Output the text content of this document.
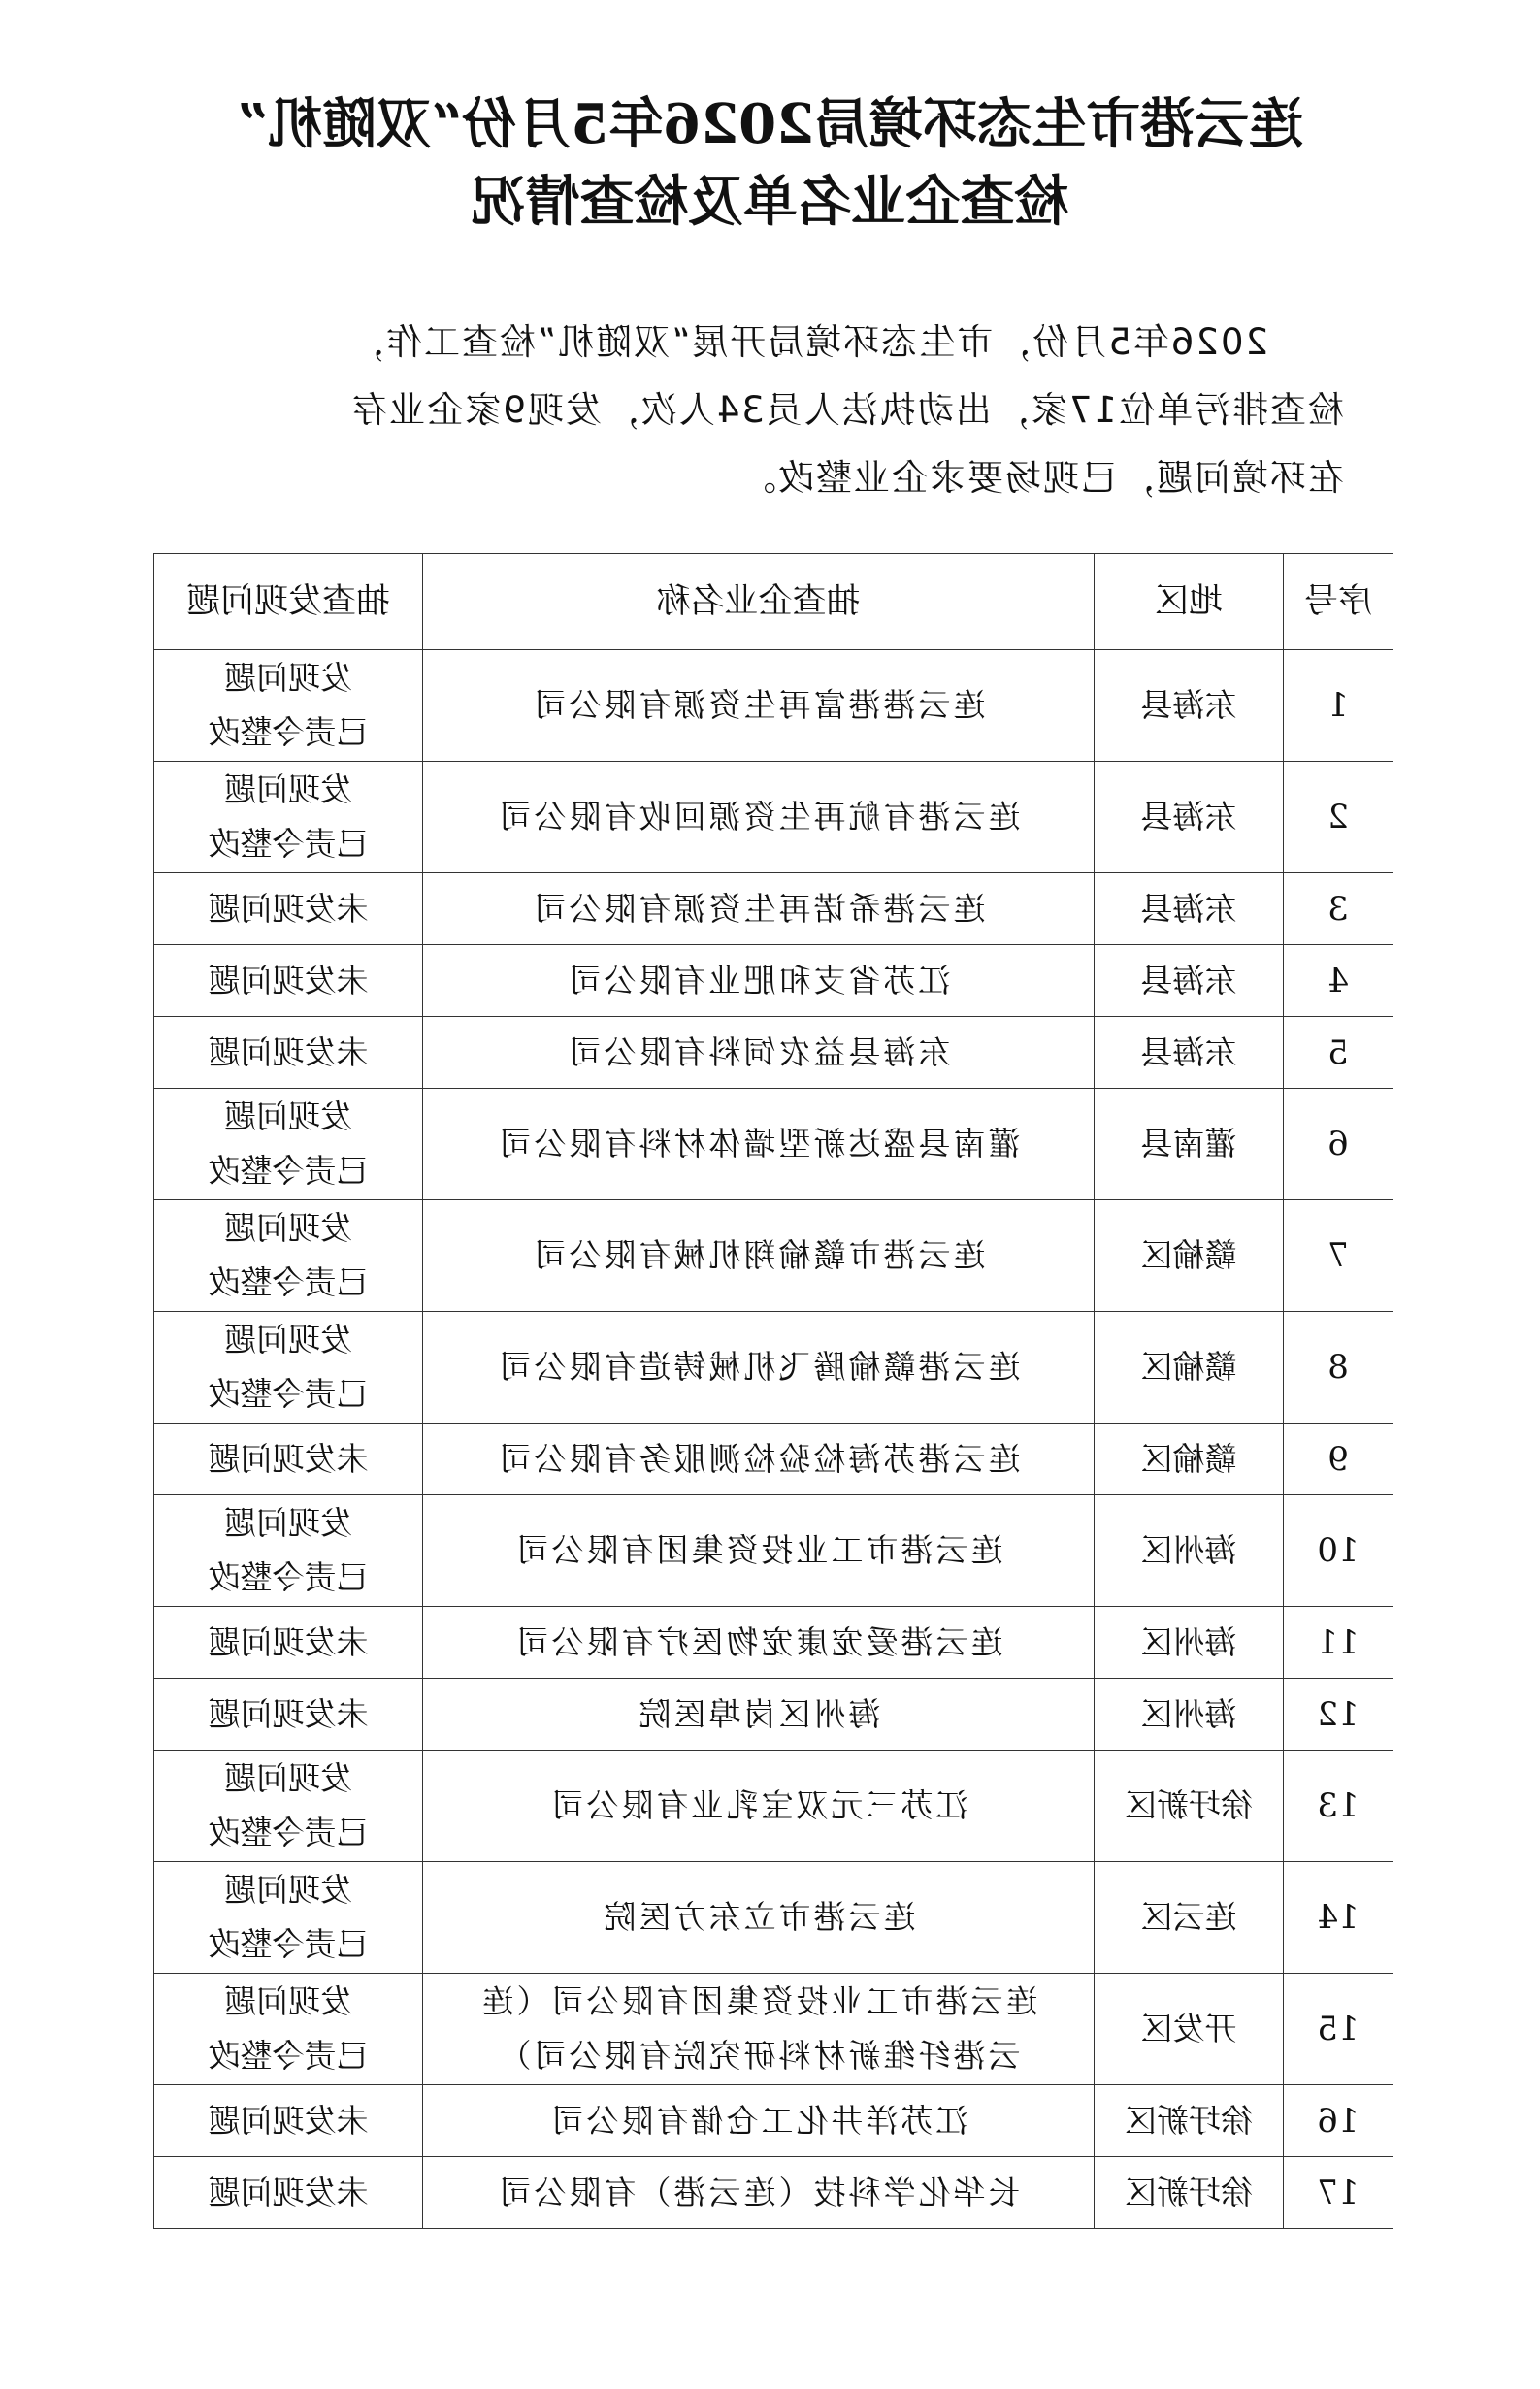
连云港市生态环境局2026年5月份“双随机”
检查企业名单及检查情况
2026年5月份，市生态环境局开展“双随机”检查工作，
检查排污单位17家，出动执法人员34人次，发现9家企业存
在环境问题，已现场要求企业整改。
序号	地区	抽查企业名称	抽查发现问题
1	东海县	连云港港富再生资源有限公司	发现问题
已责令整改

2	东海县	连云港有航再生资源回收有限公司	发现问题
已责令整改

3	东海县	连云港希诺再生资源有限公司	未发现问题

4	东海县	江苏省支和肥业有限公司	未发现问题

5	东海县	东海县益农饲料有限公司	未发现问题

6	灌南县	灌南县盛达新型墙体材料有限公司	发现问题
已责令整改

7	赣榆区	连云港市赣榆翔机械有限公司	发现问题
已责令整改

8	赣榆区	连云港赣榆腾飞机械铸造有限公司	发现问题
已责令整改

9	赣榆区	连云港苏海检验检测服务有限公司	未发现问题

10	海州区	连云港市工业投资集团有限公司	发现问题
已责令整改

11	海州区	连云港爱宠康宠物医疗有限公司	未发现问题

12	海州区	海州区岗埠医院	未发现问题

13	徐圩新区	江苏三元双宝乳业有限公司	发现问题
已责令整改

14	连云区	连云港市立东方医院	发现问题
已责令整改

15	开发区	连云港市工业投资集团有限公司（连
云港纤维新材料研究院有限公司）	发现问题
已责令整改

16	徐圩新区	江苏洋井化工仓储有限公司	未发现问题

17	徐圩新区	长华化学科技（连云港）有限公司	未发现问题
